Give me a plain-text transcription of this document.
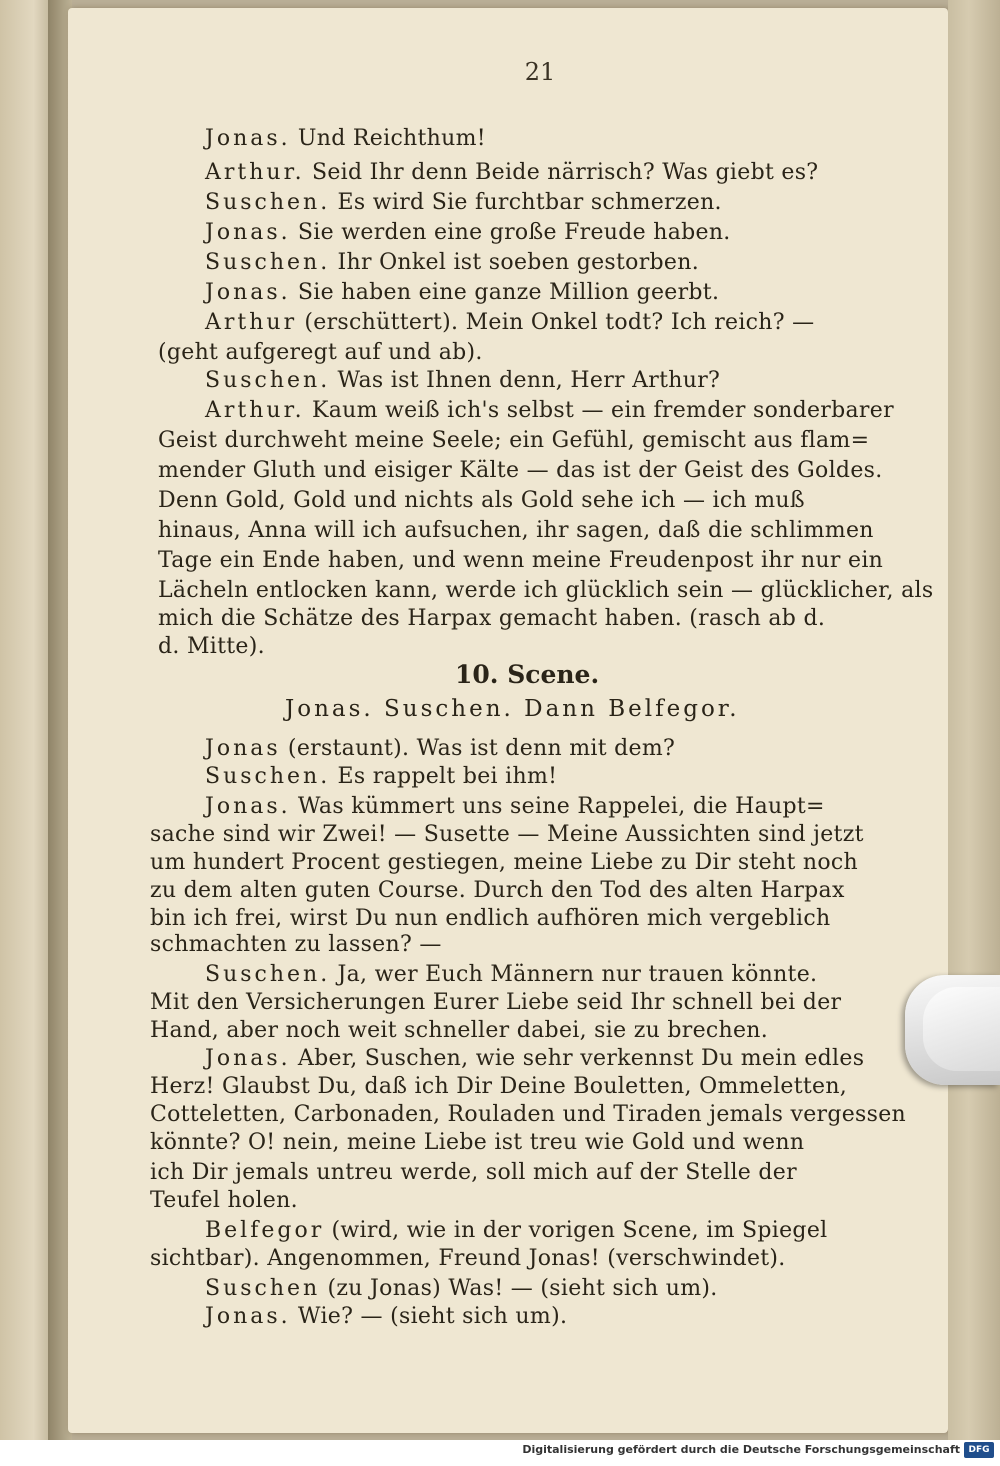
21
Jonas. Und Reichthum!
Arthur. Seid Ihr denn Beide närrisch? Was giebt es?
Suschen. Es wird Sie furchtbar schmerzen.
Jonas. Sie werden eine große Freude haben.
Suschen. Ihr Onkel ist soeben gestorben.
Jonas. Sie haben eine ganze Million geerbt.
Arthur (erschüttert). Mein Onkel todt? Ich reich? —
(geht aufgeregt auf und ab).
Suschen. Was ist Ihnen denn, Herr Arthur?
Arthur. Kaum weiß ich's selbst — ein fremder sonderbarer
Geist durchweht meine Seele; ein Gefühl, gemischt aus flam=
mender Gluth und eisiger Kälte — das ist der Geist des Goldes.
Denn Gold, Gold und nichts als Gold sehe ich — ich muß
hinaus, Anna will ich aufsuchen, ihr sagen, daß die schlimmen
Tage ein Ende haben, und wenn meine Freudenpost ihr nur ein
Lächeln entlocken kann, werde ich glücklich sein — glücklicher, als
mich die Schätze des Harpax gemacht haben. (rasch ab d.
d. Mitte).
10. Scene.
Jonas. Suschen. Dann Belfegor.
Jonas (erstaunt). Was ist denn mit dem?
Suschen. Es rappelt bei ihm!
Jonas. Was kümmert uns seine Rappelei, die Haupt=
sache sind wir Zwei! — Susette — Meine Aussichten sind jetzt
um hundert Procent gestiegen, meine Liebe zu Dir steht noch
zu dem alten guten Course. Durch den Tod des alten Harpax
bin ich frei, wirst Du nun endlich aufhören mich vergeblich
schmachten zu lassen? —
Suschen. Ja, wer Euch Männern nur trauen könnte.
Mit den Versicherungen Eurer Liebe seid Ihr schnell bei der
Hand, aber noch weit schneller dabei, sie zu brechen.
Jonas. Aber, Suschen, wie sehr verkennst Du mein edles
Herz! Glaubst Du, daß ich Dir Deine Bouletten, Ommeletten,
Cotteletten, Carbonaden, Rouladen und Tiraden jemals vergessen
könnte? O! nein, meine Liebe ist treu wie Gold und wenn
ich Dir jemals untreu werde, soll mich auf der Stelle der
Teufel holen.
Belfegor (wird, wie in der vorigen Scene, im Spiegel
sichtbar). Angenommen, Freund Jonas! (verschwindet).
Suschen (zu Jonas) Was! — (sieht sich um).
Jonas. Wie? — (sieht sich um).
Digitalisierung gefördert durch die Deutsche Forschungsgemeinschaft DFG
